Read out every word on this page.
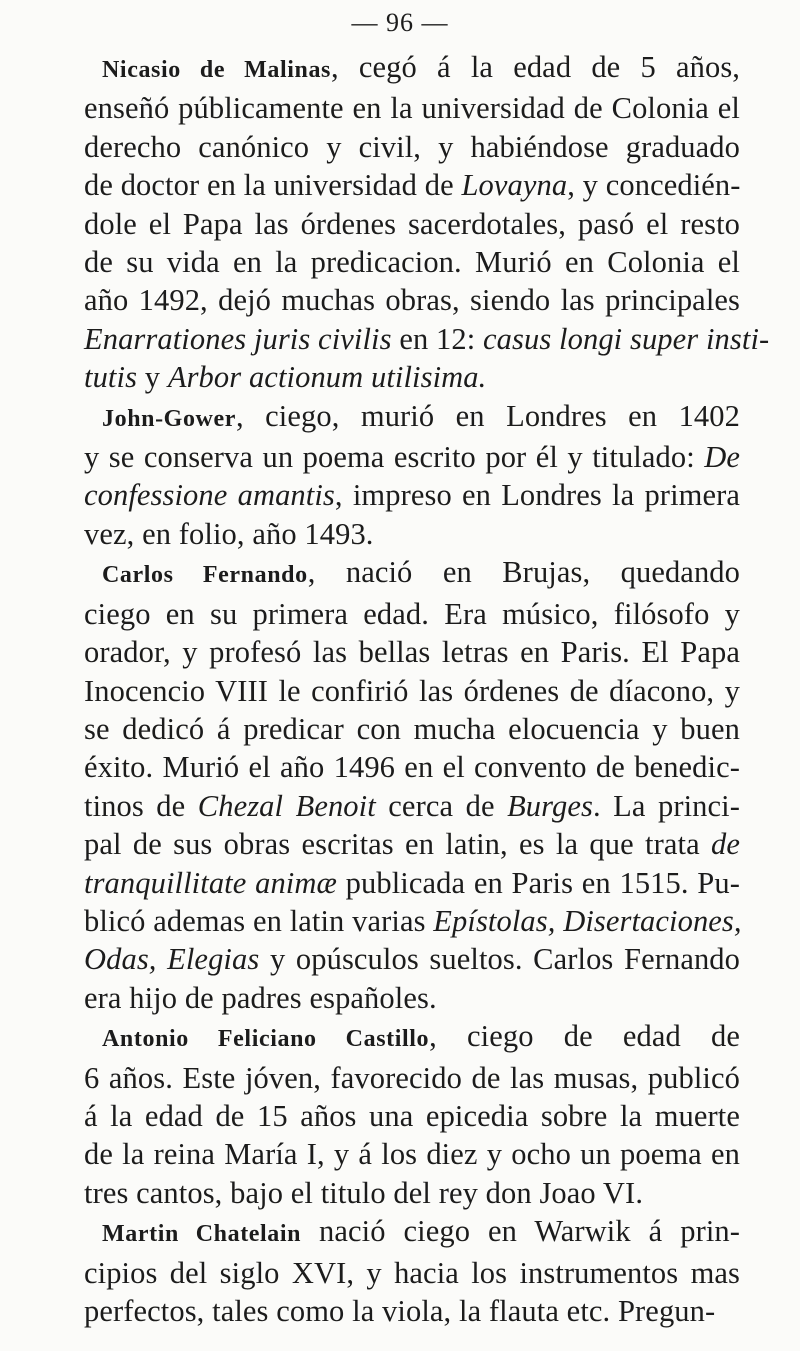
— 96 —
Nicasio de Malinas, cegó á la edad de 5 años,
enseñó públicamente en la universidad de Colonia el
derecho canónico y civil, y habiéndose graduado
de doctor en la universidad de Lovayna, y concedién-
dole el Papa las órdenes sacerdotales, pasó el resto
de su vida en la predicacion. Murió en Colonia el
año 1492, dejó muchas obras, siendo las principales
Enarrationes juris civilis en 12: casus longi super insti-
tutis y Arbor actionum utilisima.
John-Gower, ciego, murió en Londres en 1402
y se conserva un poema escrito por él y titulado: De
confessione amantis, impreso en Londres la primera
vez, en folio, año 1493.
Carlos Fernando, nació en Brujas, quedando
ciego en su primera edad. Era músico, filósofo y
orador, y profesó las bellas letras en Paris. El Papa
Inocencio VIII le confirió las órdenes de díacono, y
se dedicó á predicar con mucha elocuencia y buen
éxito. Murió el año 1496 en el convento de benedic-
tinos de Chezal Benoit cerca de Burges. La princi-
pal de sus obras escritas en latin, es la que trata de
tranquillitate animæ publicada en Paris en 1515. Pu-
blicó ademas en latin varias Epístolas, Disertaciones,
Odas, Elegias y opúsculos sueltos. Carlos Fernando
era hijo de padres españoles.
Antonio Feliciano Castillo, ciego de edad de
6 años. Este jóven, favorecido de las musas, publicó
á la edad de 15 años una epicedia sobre la muerte
de la reina María I, y á los diez y ocho un poema en
tres cantos, bajo el titulo del rey don Joao VI.
Martin Chatelain nació ciego en Warwik á prin-
cipios del siglo XVI, y hacia los instrumentos mas
perfectos, tales como la viola, la flauta etc. Pregun-
